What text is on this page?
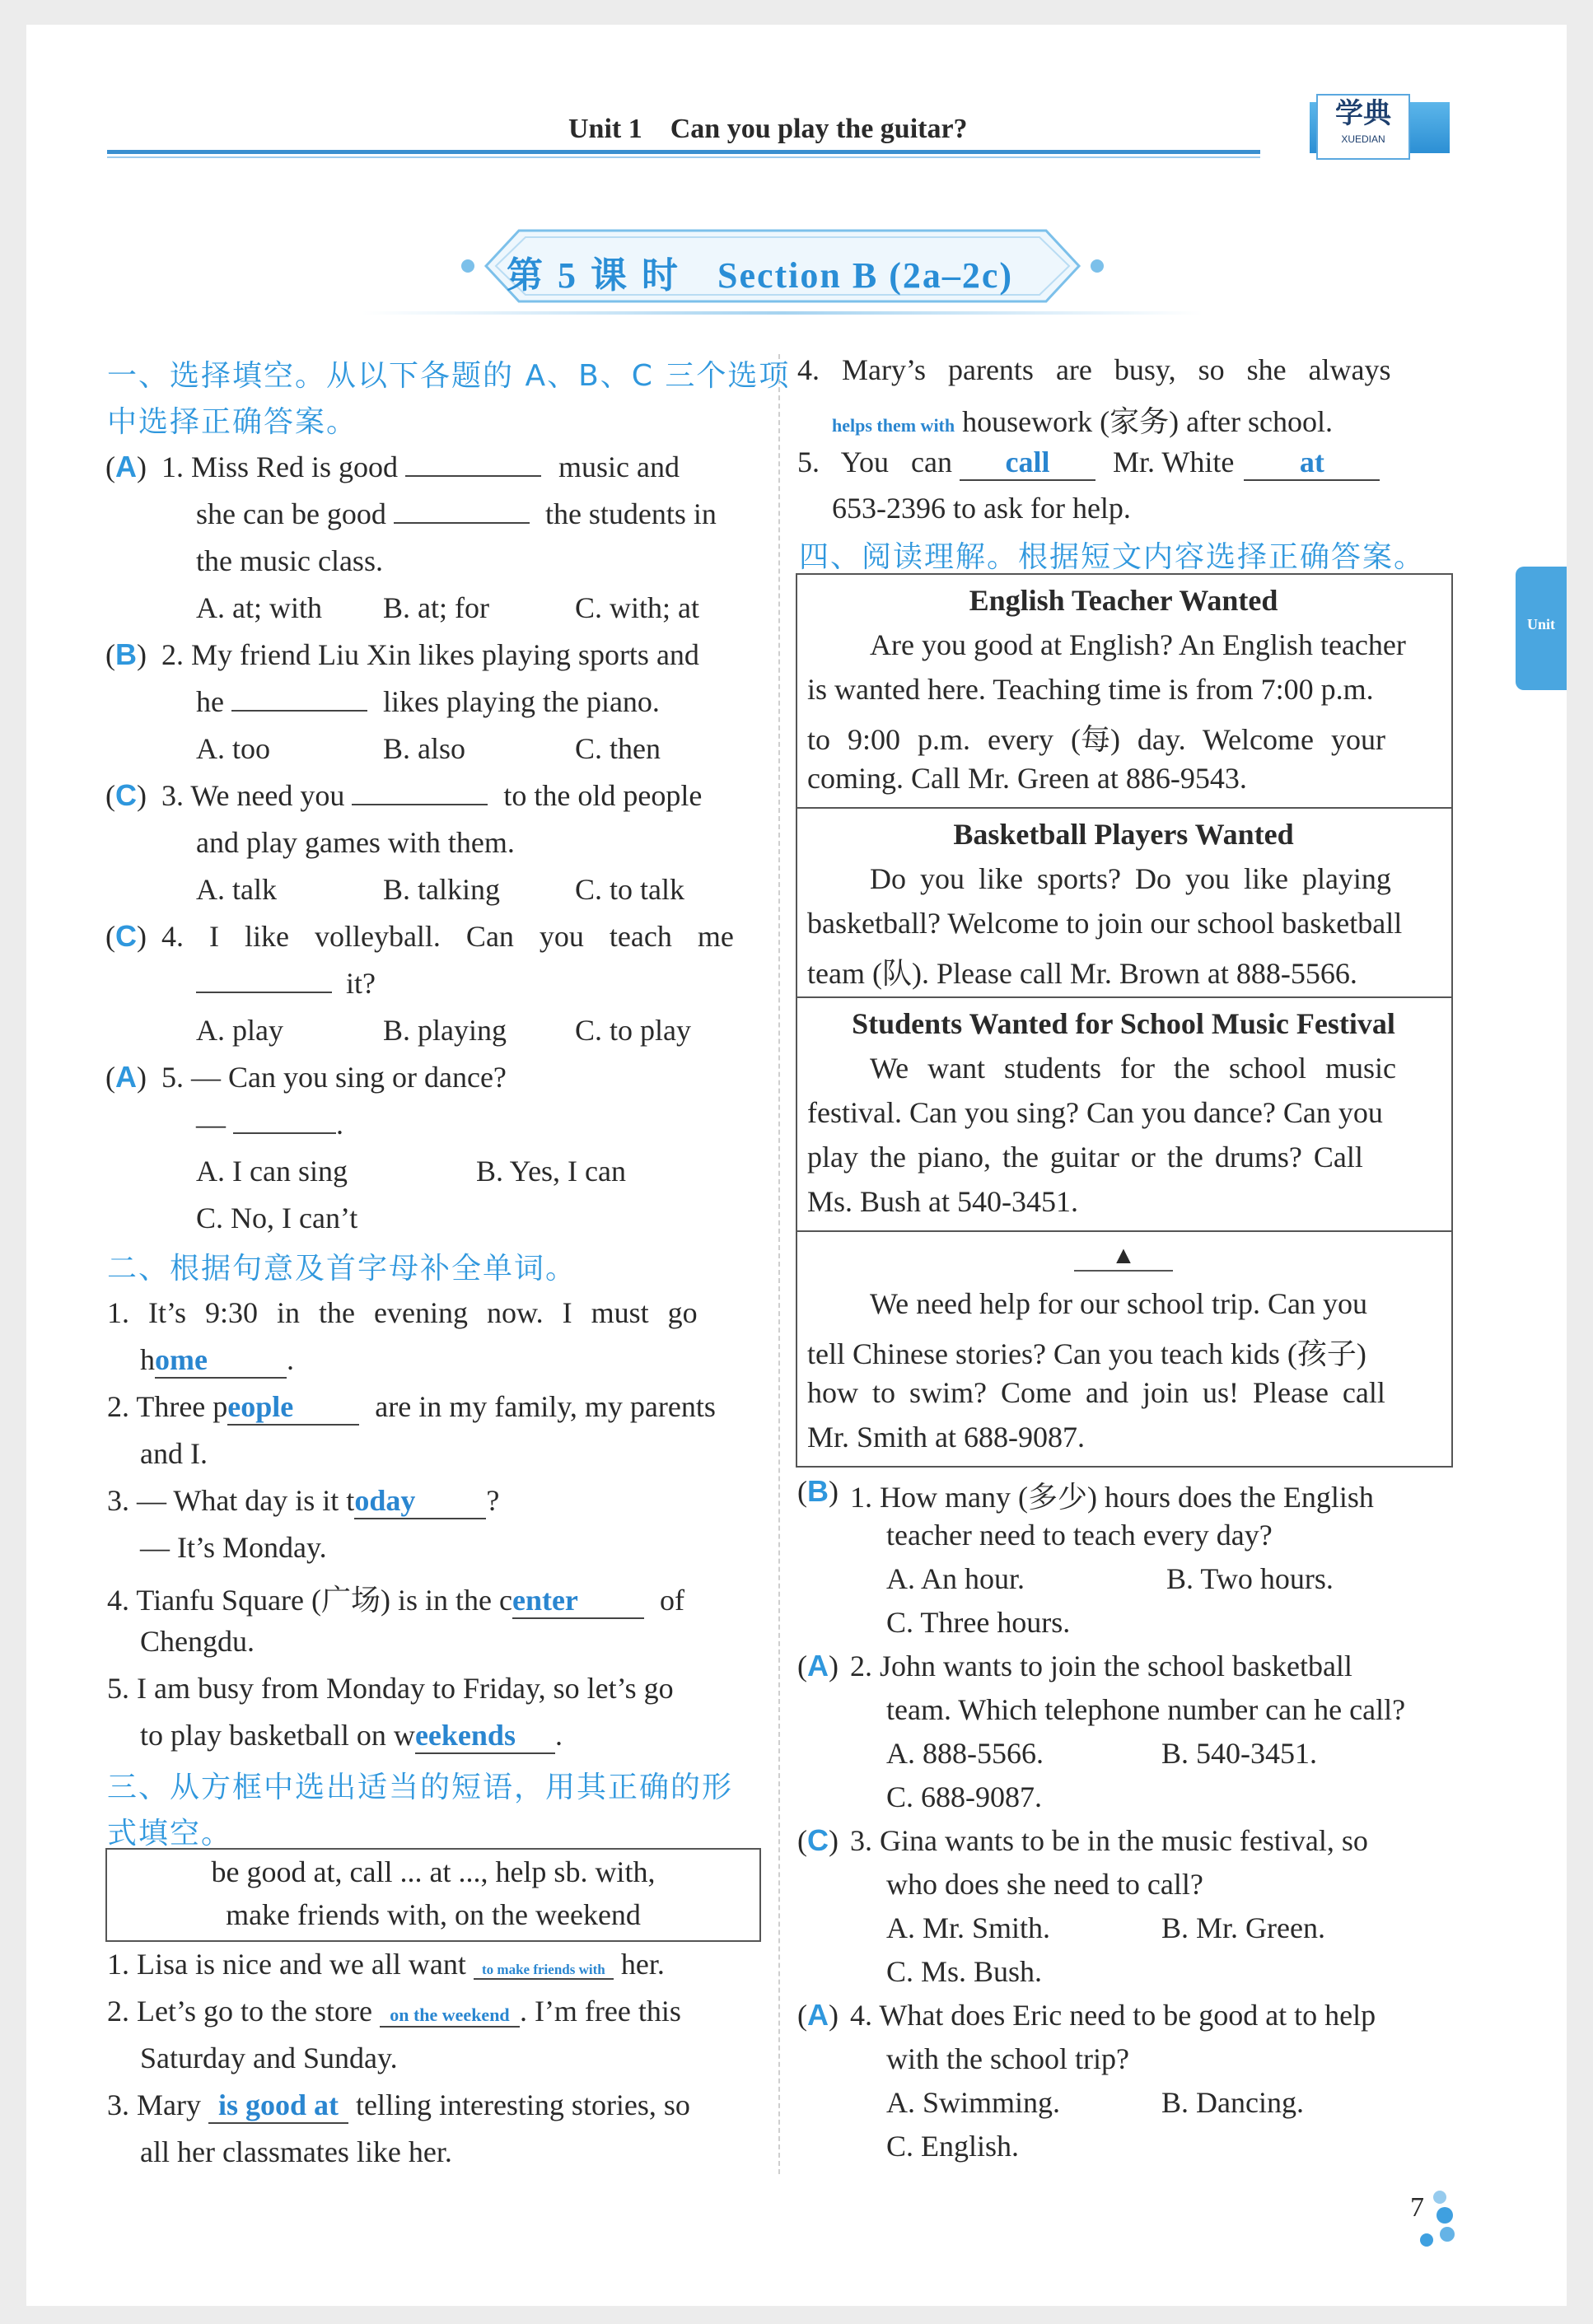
Unit 1    Can you play the guitar?	学典
XUEDIAN
Unit
第5课时 Section B (2a–2c)
一、选择填空。从以下各题的 A、B、C 三个选项
中选择正确答案。
(A) 1. Miss Red is good	music and
she can be good	the students in
the music class.
A. at; with B. at; for	C. with; at
(B) 2. My friend Liu Xin likes playing sports and
he	likes playing the piano.
A. too	B. also	C. then
(C) 3. We need you	to the old people
and play games with them.
A. talk	B. talking	C. to talk
(C) 4. I like volleyball. Can you teach me
it?
A. play	B. playing C. to play
(A) 5. — Can you sing or dance?
—	.
A. I can sing	B. Yes, I can
C. No, I can’t
二、根据句意及首字母补全单词。
1. It’s 9:30 in the evening now. I must go
home	.
2. Three people	are in my family, my parents
and I.
3. — What day is it today ?
— It’s Monday.
4. Tianfu Square (广场) is in the center	of
Chengdu.
5. I am busy from Monday to Friday, so let’s go
to play basketball on weekends .
三、从方框中选出适当的短语，用其正确的形
式填空。
be good at, call ... at ..., help sb. with,
make friends with, on the weekend
1. Lisa is nice and we all want to make friends with her.
2. Let’s go to the store on the weekend . I’m free this
Saturday and Sunday.
3. Mary is good at telling interesting stories, so
all her classmates like her.
4. Mary’s parents are busy, so she always
helps them with housework (家务) after school.
5. You can call Mr. White at
653-2396 to ask for help.
四、阅读理解。根据短文内容选择正确答案。
English Teacher Wanted
Are you good at English? An English teacher
is wanted here. Teaching time is from 7:00 p.m.
to 9:00 p.m. every (每) day. Welcome your
coming. Call Mr. Green at 886-9543.
Basketball Players Wanted
Do you like sports? Do you like playing
basketball? Welcome to join our school basketball
team (队). Please call Mr. Brown at 888-5566.
Students Wanted for School Music Festival
We want students for the school music
festival. Can you sing? Can you dance? Can you
play the piano, the guitar or the drums? Call
Ms. Bush at 540-3451.
▲
We need help for our school trip. Can you
tell Chinese stories? Can you teach kids (孩子)
how to swim? Come and join us! Please call
Mr. Smith at 688-9087.
(B) 1. How many (多少) hours does the English
teacher need to teach every day?
A. An hour.	B. Two hours.
C. Three hours.
(A) 2. John wants to join the school basketball
team. Which telephone number can he call?
A. 888-5566.	B. 540-3451.
C. 688-9087.
(C) 3. Gina wants to be in the music festival, so
who does she need to call?
A. Mr. Smith.	B. Mr. Green.
C. Ms. Bush.
(A) 4. What does Eric need to be good at to help
with the school trip?
A. Swimming.	B. Dancing.
C. English.
7
